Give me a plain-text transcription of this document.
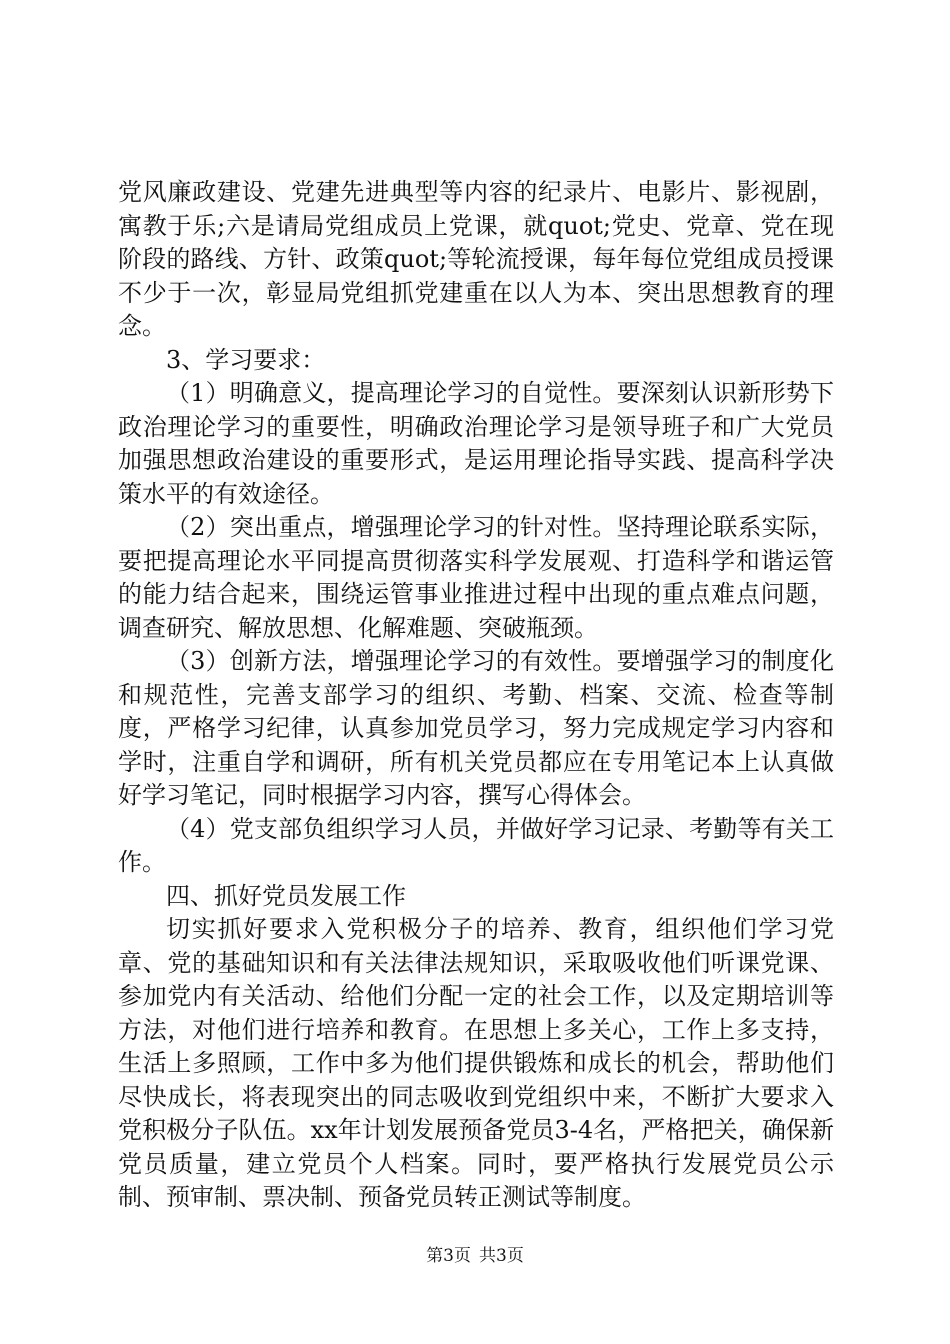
党风廉政建设、党建先进典型等内容的纪录片、电影片、影视剧，寓教于乐;六是请局党组成员上党课，就quot;党史、党章、党在现阶段的路线、方针、政策quot;等轮流授课，每年每位党组成员授课不少于一次，彰显局党组抓党建重在以人为本、突出思想教育的理念。

3、学习要求：

（1）明确意义，提高理论学习的自觉性。要深刻认识新形势下政治理论学习的重要性，明确政治理论学习是领导班子和广大党员加强思想政治建设的重要形式，是运用理论指导实践、提高科学决策水平的有效途径。

（2）突出重点，增强理论学习的针对性。坚持理论联系实际，要把提高理论水平同提高贯彻落实科学发展观、打造科学和谐运管的能力结合起来，围绕运管事业推进过程中出现的重点难点问题，调查研究、解放思想、化解难题、突破瓶颈。

（3）创新方法，增强理论学习的有效性。要增强学习的制度化和规范性，完善支部学习的组织、考勤、档案、交流、检查等制度，严格学习纪律，认真参加党员学习，努力完成规定学习内容和学时，注重自学和调研，所有机关党员都应在专用笔记本上认真做好学习笔记，同时根据学习内容，撰写心得体会。

（4）党支部负组织学习人员，并做好学习记录、考勤等有关工作。

四、抓好党员发展工作

切实抓好要求入党积极分子的培养、教育，组织他们学习党章、党的基础知识和有关法律法规知识，采取吸收他们听课党课、参加党内有关活动、给他们分配一定的社会工作，以及定期培训等方法，对他们进行培养和教育。在思想上多关心，工作上多支持，生活上多照顾，工作中多为他们提供锻炼和成长的机会，帮助他们尽快成长，将表现突出的同志吸收到党组织中来，不断扩大要求入党积极分子队伍。xx年计划发展预备党员3-4名，严格把关，确保新党员质量，建立党员个人档案。同时，要严格执行发展党员公示制、预审制、票决制、预备党员转正测试等制度。

第3页 共3页
